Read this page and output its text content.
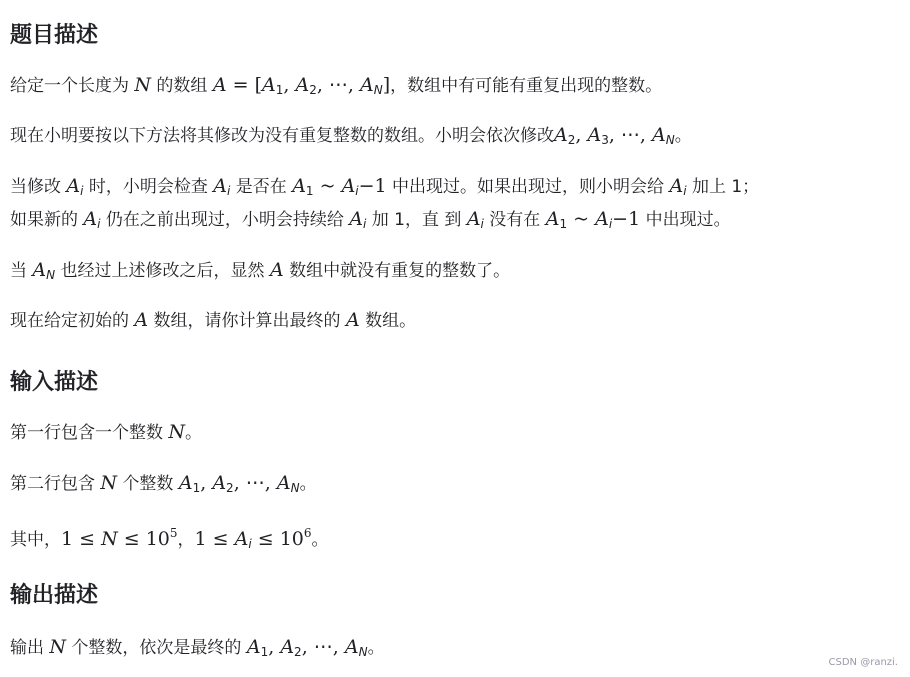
题目描述
给定一个长度为 N 的数组 $A = [A_1$, $A_2$, ⋯, $A_N$]，数组中有可能有重复出现的整数。
现在小明要按以下方法将其修改为没有重复整数的数组。小明会依次修改$A_2$, $A_3$, ⋯, $A_N$。
当修改 $A_i$ 时，小明会检查 $A_i$ 是否在 $A_1$ ~ $A_i-1$ 中出现过。如果出现过，则小明会给 $A_i$ 加上 1；
如果新的 $A_i$ 仍在之前出现过，小明会持续给 $A_i$ 加 1，直 到 $A_i$ 没有在 $A_1$ ~ $A_i-1$ 中出现过。
当 $A_N$ 也经过上述修改之后，显然 A 数组中就没有重复的整数了。
现在给定初始的 A 数组，请你计算出最终的 A 数组。
输入描述
第一行包含一个整数 N。
第二行包含 N 个整数 $A_1$, $A_2$, ⋯, $A_N$。
其中，$1 \le N \le 10^5$，$1 \le A_i \le 10^6$。
输出描述
输出 N 个整数，依次是最终的 $A_1$, $A_2$, ⋯, $A_N$。
CSDN @ranzi.
